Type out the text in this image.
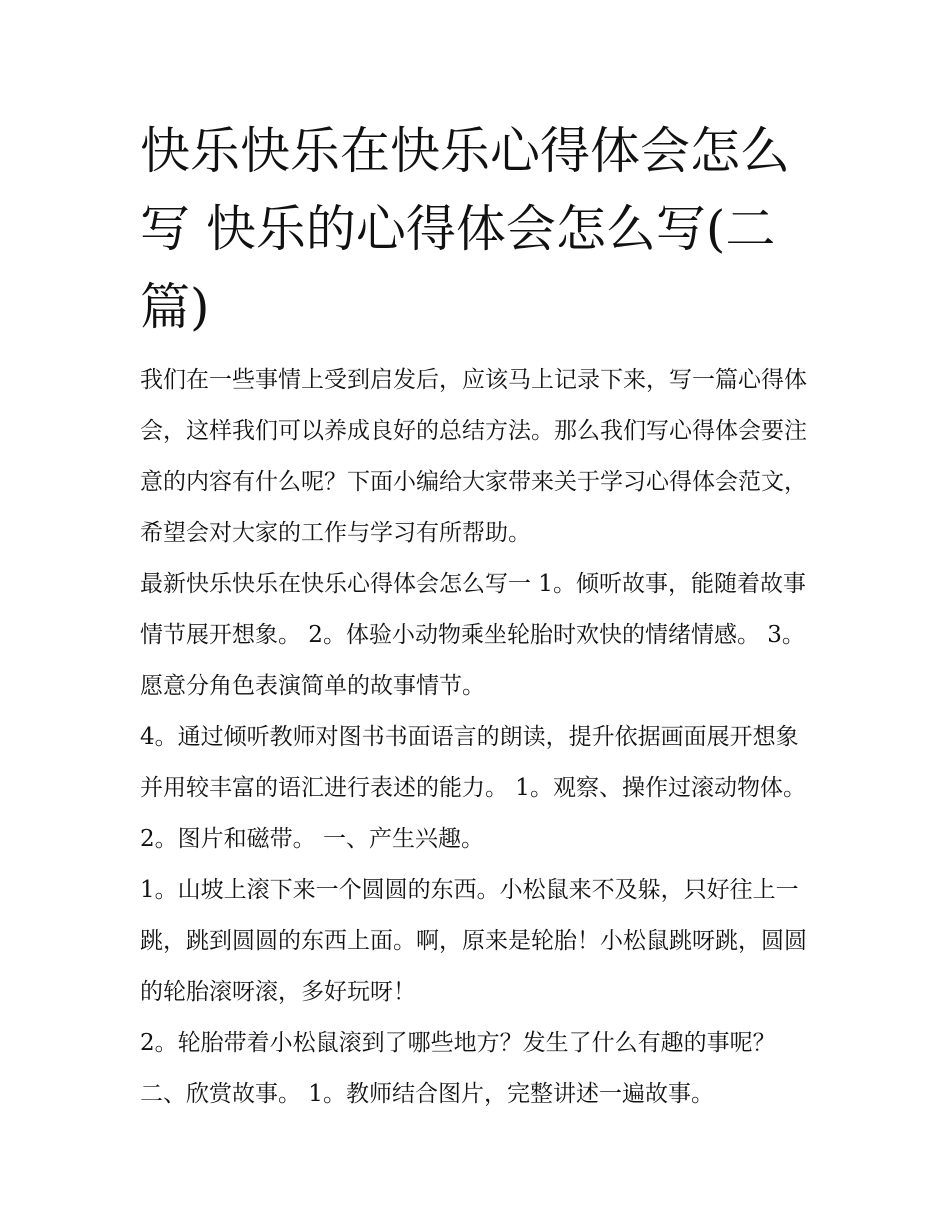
快乐快乐在快乐心得体会怎么写 快乐的心得体会怎么写(二篇)

我们在一些事情上受到启发后，应该马上记录下来，写一篇心得体会，这样我们可以养成良好的总结方法。那么我们写心得体会要注意的内容有什么呢？下面小编给大家带来关于学习心得体会范文，希望会对大家的工作与学习有所帮助。

最新快乐快乐在快乐心得体会怎么写一 1。倾听故事，能随着故事情节展开想象。 2。体验小动物乘坐轮胎时欢快的情绪情感。 3。愿意分角色表演简单的故事情节。

4。通过倾听教师对图书书面语言的朗读，提升依据画面展开想象并用较丰富的语汇进行表述的能力。 1。观察、操作过滚动物体。 2。图片和磁带。 一、产生兴趣。

1。山坡上滚下来一个圆圆的东西。小松鼠来不及躲，只好往上一跳，跳到圆圆的东西上面。啊，原来是轮胎！小松鼠跳呀跳，圆圆的轮胎滚呀滚，多好玩呀！

2。轮胎带着小松鼠滚到了哪些地方？发生了什么有趣的事呢？ 二、欣赏故事。 1。教师结合图片，完整讲述一遍故事。
